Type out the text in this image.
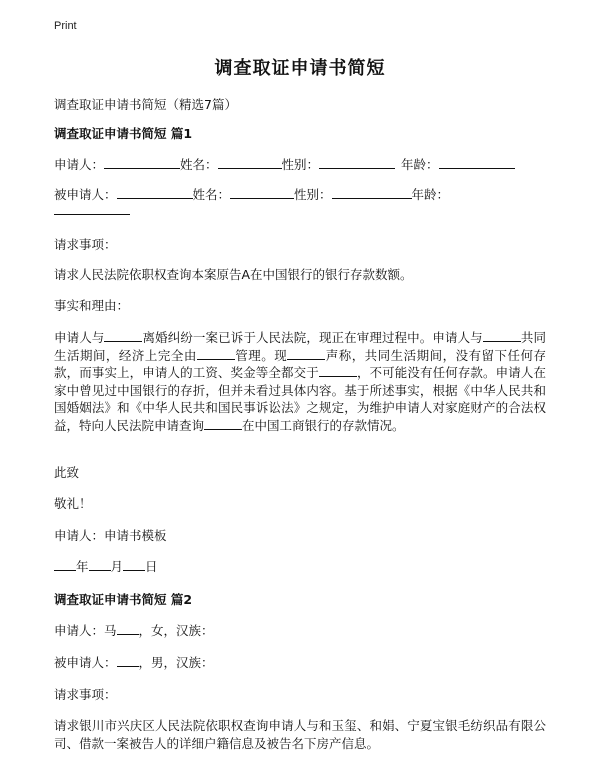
Print
调查取证申请书简短
调查取证申请书简短（精选7篇）
调查取证申请书简短 篇1
申请人：	姓名：	性别：	年龄：
被申请人：	姓名：	性别：	年龄：
请求事项：
请求人民法院依职权查询本案原告A在中国银行的银行存款数额。
事实和理由：
申请人与	离婚纠纷一案已诉于人民法院，现正在审理过程中。申请人与	共同生活期间，经济上完全由	管理。现	声称，共同生活期间，没有留下任何存款，而事实上，申请人的工资、奖金等全都交于	，不可能没有任何存款。申请人在家中曾见过中国银行的存折，但并未看过具体内容。基于所述事实，根据《中华人民共和国婚姻法》和《中华人民共和国民事诉讼法》之规定，为维护申请人对家庭财产的合法权益，特向人民法院申请查询	在中国工商银行的存款情况。
此致
敬礼！
申请人：申请书模板
年 月 日
调查取证申请书简短 篇2
申请人：马 ，女，汉族：
被申请人： ，男，汉族：
请求事项：
请求银川市兴庆区人民法院依职权查询申请人与和玉玺、和娟、宁夏宝银毛纺织品有限公司、借款一案被告人的详细户籍信息及被告名下房产信息。
